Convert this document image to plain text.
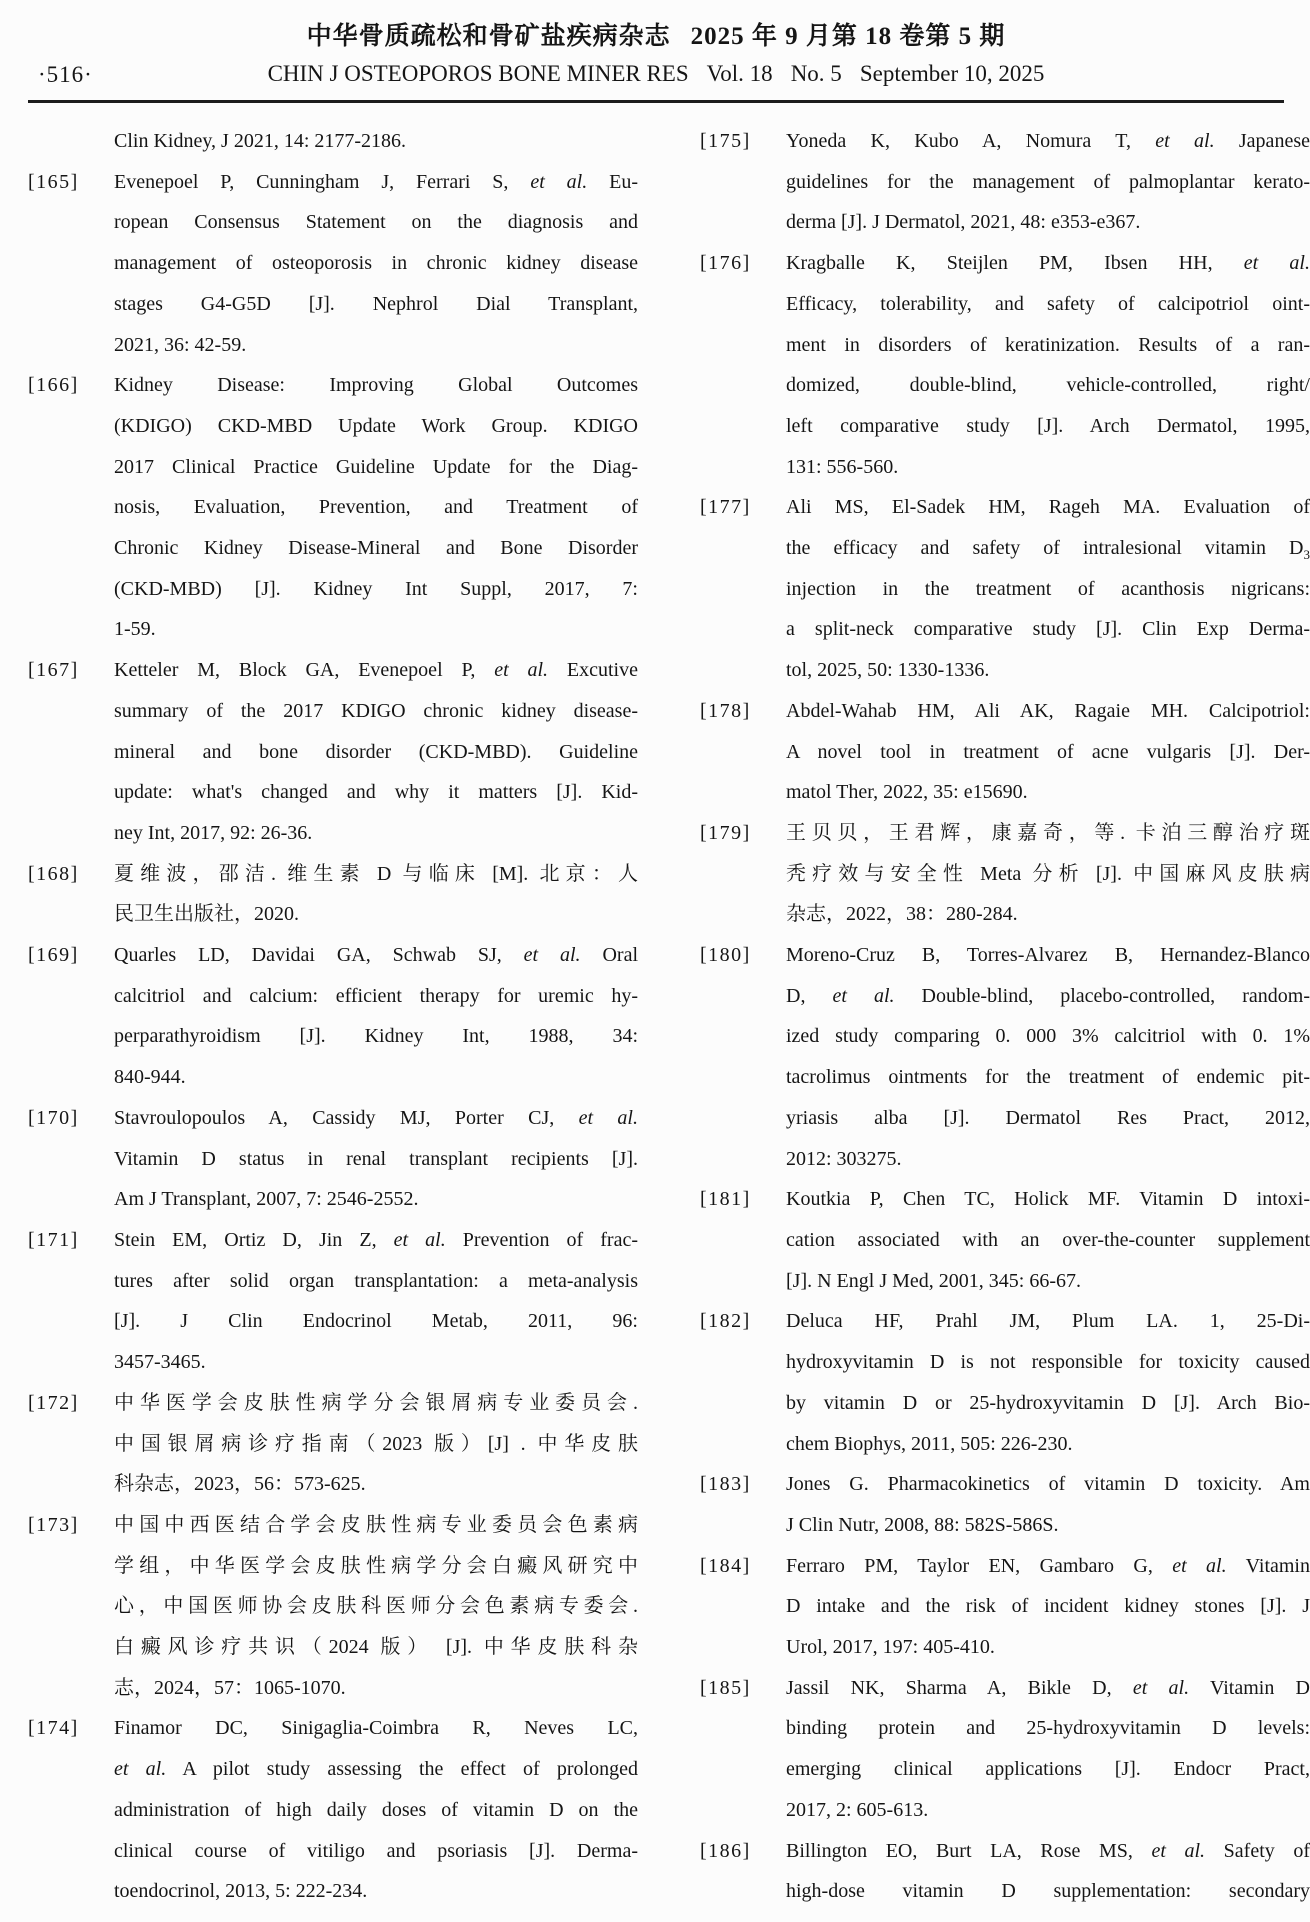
中华骨质疏松和骨矿盐疾病杂志 2025 年 9 月第 18 卷第 5 期
·516·	CHIN J OSTEOPOROS BONE MINER RES Vol. 18 No. 5 September 10, 2025
Clin Kidney, J 2021, 14: 2177-2186.
[165]	Evenepoel P, Cunningham J, Ferrari S, et al. Eu-
ropean Consensus Statement on the diagnosis and
management of osteoporosis in chronic kidney disease
stages G4-G5D [J]. Nephrol Dial Transplant,
2021, 36: 42-59.
[166]	Kidney Disease: Improving Global Outcomes
(KDIGO) CKD-MBD Update Work Group. KDIGO
2017 Clinical Practice Guideline Update for the Diag-
nosis, Evaluation, Prevention, and Treatment of
Chronic Kidney Disease-Mineral and Bone Disorder
(CKD-MBD) [J]. Kidney Int Suppl, 2017, 7:
1-59.
[167]	Ketteler M, Block GA, Evenepoel P, et al. Excutive
summary of the 2017 KDIGO chronic kidney disease-
mineral and bone disorder (CKD-MBD). Guideline
update: what's changed and why it matters [J]. Kid-
ney Int, 2017, 92: 26-36.
[168]	夏维波，邵洁. 维生素 D 与临床 [M]. 北京：人
民卫生出版社，2020.
[169]	Quarles LD, Davidai GA, Schwab SJ, et al. Oral
calcitriol and calcium: efficient therapy for uremic hy-
perparathyroidism [J]. Kidney Int, 1988, 34:
840-944.
[170]	Stavroulopoulos A, Cassidy MJ, Porter CJ, et al.
Vitamin D status in renal transplant recipients [J].
Am J Transplant, 2007, 7: 2546-2552.
[171]	Stein EM, Ortiz D, Jin Z, et al. Prevention of frac-
tures after solid organ transplantation: a meta-analysis
[J]. J Clin Endocrinol Metab, 2011, 96:
3457-3465.
[172]	中华医学会皮肤性病学分会银屑病专业委员会.
中国银屑病诊疗指南（2023 版）[J] . 中华皮肤
科杂志，2023，56：573-625.
[173]	中国中西医结合学会皮肤性病专业委员会色素病
学组，中华医学会皮肤性病学分会白癜风研究中
心，中国医师协会皮肤科医师分会色素病专委会.
白癜风诊疗共识（2024 版） [J]. 中华皮肤科杂
志，2024，57：1065-1070.
[174]	Finamor DC, Sinigaglia-Coimbra R, Neves LC,
et al. A pilot study assessing the effect of prolonged
administration of high daily doses of vitamin D on the
clinical course of vitiligo and psoriasis [J]. Derma-
toendocrinol, 2013, 5: 222-234.
[175]	Yoneda K, Kubo A, Nomura T, et al. Japanese
guidelines for the management of palmoplantar kerato-
derma [J]. J Dermatol, 2021, 48: e353-e367.
[176]	Kragballe K, Steijlen PM, Ibsen HH, et al.
Efficacy, tolerability, and safety of calcipotriol oint-
ment in disorders of keratinization. Results of a ran-
domized, double-blind, vehicle-controlled, right/
left comparative study [J]. Arch Dermatol, 1995,
131: 556-560.
[177]	Ali MS, El-Sadek HM, Rageh MA. Evaluation of
the efficacy and safety of intralesional vitamin $D_3$
injection in the treatment of acanthosis nigricans:
a split-neck comparative study [J]. Clin Exp Derma-
tol, 2025, 50: 1330-1336.
[178]	Abdel-Wahab HM, Ali AK, Ragaie MH. Calcipotriol:
A novel tool in treatment of acne vulgaris [J]. Der-
matol Ther, 2022, 35: e15690.
[179]	王贝贝，王君辉，康嘉奇，等. 卡泊三醇治疗斑
秃疗效与安全性 Meta 分析 [J]. 中国麻风皮肤病
杂志，2022，38：280-284.
[180]	Moreno-Cruz B, Torres-Alvarez B, Hernandez-Blanco
D, et al. Double-blind, placebo-controlled, random-
ized study comparing 0. 000 3% calcitriol with 0. 1%
tacrolimus ointments for the treatment of endemic pit-
yriasis alba [J]. Dermatol Res Pract, 2012,
2012: 303275.
[181]	Koutkia P, Chen TC, Holick MF. Vitamin D intoxi-
cation associated with an over-the-counter supplement
[J]. N Engl J Med, 2001, 345: 66-67.
[182]	Deluca HF, Prahl JM, Plum LA. 1, 25-Di-
hydroxyvitamin D is not responsible for toxicity caused
by vitamin D or 25-hydroxyvitamin D [J]. Arch Bio-
chem Biophys, 2011, 505: 226-230.
[183]	Jones G. Pharmacokinetics of vitamin D toxicity. Am
J Clin Nutr, 2008, 88: 582S-586S.
[184]	Ferraro PM, Taylor EN, Gambaro G, et al. Vitamin
D intake and the risk of incident kidney stones [J]. J
Urol, 2017, 197: 405-410.
[185]	Jassil NK, Sharma A, Bikle D, et al. Vitamin D
binding protein and 25-hydroxyvitamin D levels:
emerging clinical applications [J]. Endocr Pract,
2017, 2: 605-613.
[186]	Billington EO, Burt LA, Rose MS, et al. Safety of
high-dose vitamin D supplementation: secondary
